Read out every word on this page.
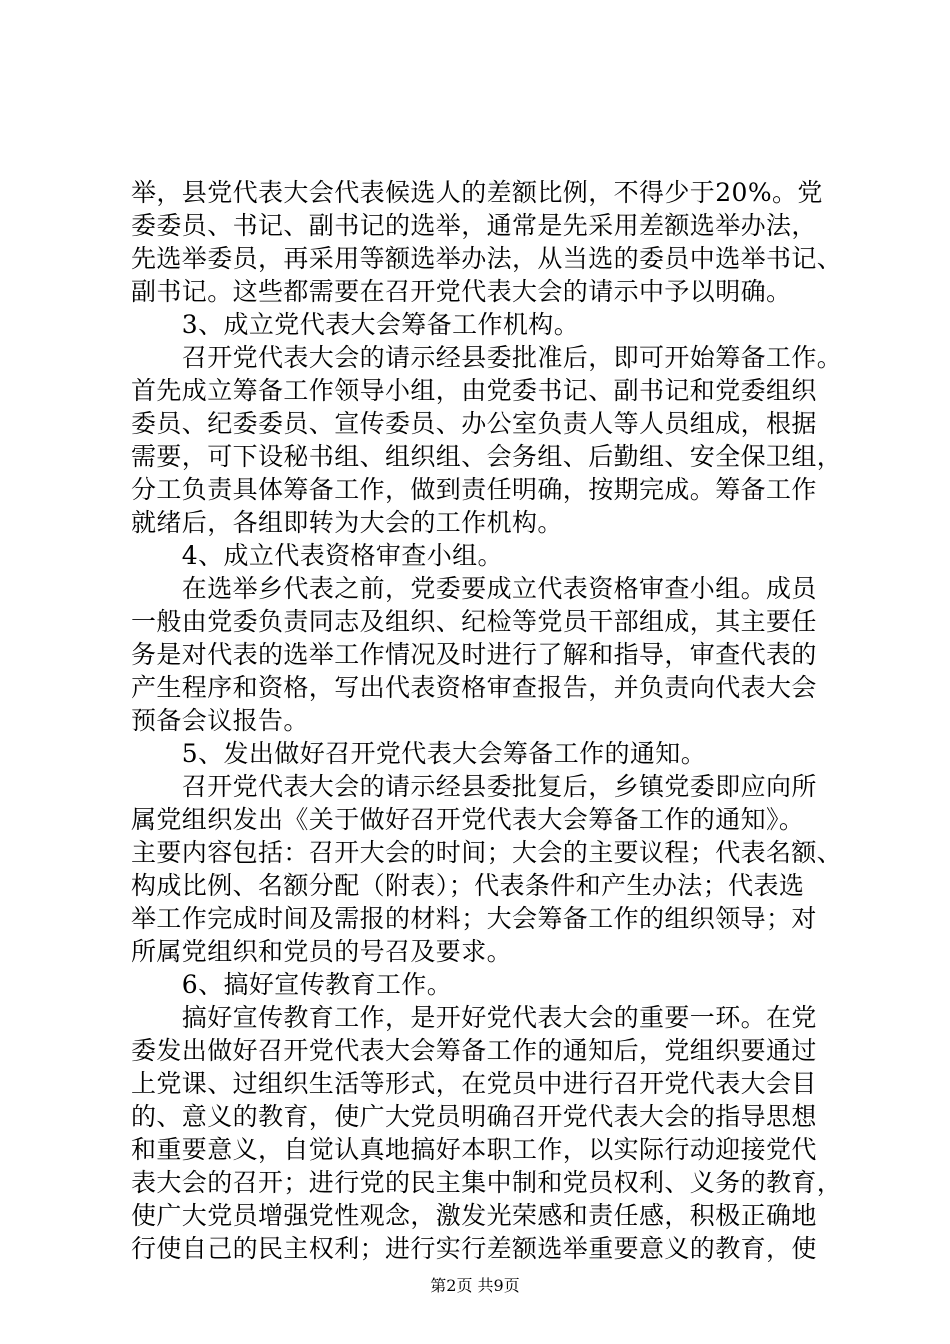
举，县党代表大会代表候选人的差额比例，不得少于20%。党
委委员、书记、副书记的选举，通常是先采用差额选举办法，
先选举委员，再采用等额选举办法，从当选的委员中选举书记、
副书记。这些都需要在召开党代表大会的请示中予以明确。
　　3、成立党代表大会筹备工作机构。
　　召开党代表大会的请示经县委批准后，即可开始筹备工作。
首先成立筹备工作领导小组，由党委书记、副书记和党委组织
委员、纪委委员、宣传委员、办公室负责人等人员组成，根据
需要，可下设秘书组、组织组、会务组、后勤组、安全保卫组，
分工负责具体筹备工作，做到责任明确，按期完成。筹备工作
就绪后，各组即转为大会的工作机构。
　　4、成立代表资格审查小组。
　　在选举乡代表之前，党委要成立代表资格审查小组。成员
一般由党委负责同志及组织、纪检等党员干部组成，其主要任
务是对代表的选举工作情况及时进行了解和指导，审查代表的
产生程序和资格，写出代表资格审查报告，并负责向代表大会
预备会议报告。
　　5、发出做好召开党代表大会筹备工作的通知。
　　召开党代表大会的请示经县委批复后，乡镇党委即应向所
属党组织发出《关于做好召开党代表大会筹备工作的通知》。
主要内容包括：召开大会的时间；大会的主要议程；代表名额、
构成比例、名额分配（附表）；代表条件和产生办法；代表选
举工作完成时间及需报的材料；大会筹备工作的组织领导；对
所属党组织和党员的号召及要求。
　　6、搞好宣传教育工作。
　　搞好宣传教育工作，是开好党代表大会的重要一环。在党
委发出做好召开党代表大会筹备工作的通知后，党组织要通过
上党课、过组织生活等形式，在党员中进行召开党代表大会目
的、意义的教育，使广大党员明确召开党代表大会的指导思想
和重要意义，自觉认真地搞好本职工作，以实际行动迎接党代
表大会的召开；进行党的民主集中制和党员权利、义务的教育，
使广大党员增强党性观念，激发光荣感和责任感，积极正确地
行使自己的民主权利；进行实行差额选举重要意义的教育，使
第2页 共9页
